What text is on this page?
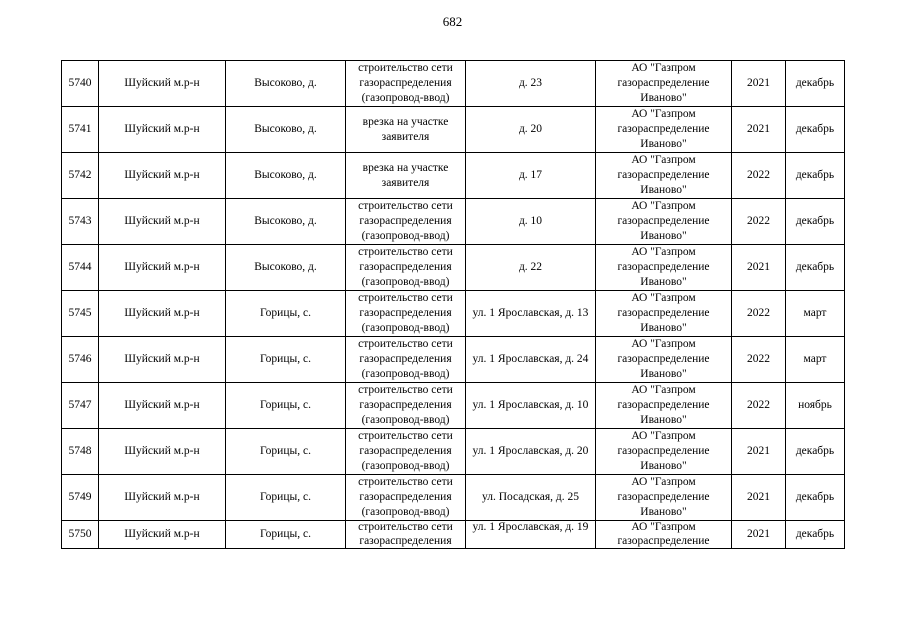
682
5740	Шуйский м.р-н	Высоково, д.	строительство сети газораспределения (газопровод-ввод)	д. 23	АО "Газпром газораспределение Иваново"	2021	декабрь
5741	Шуйский м.р-н	Высоково, д.	врезка на участке заявителя	д. 20	АО "Газпром газораспределение Иваново"	2021	декабрь
5742	Шуйский м.р-н	Высоково, д.	врезка на участке заявителя	д. 17	АО "Газпром газораспределение Иваново"	2022	декабрь
5743	Шуйский м.р-н	Высоково, д.	строительство сети газораспределения (газопровод-ввод)	д. 10	АО "Газпром газораспределение Иваново"	2022	декабрь
5744	Шуйский м.р-н	Высоково, д.	строительство сети газораспределения (газопровод-ввод)	д. 22	АО "Газпром газораспределение Иваново"	2021	декабрь
5745	Шуйский м.р-н	Горицы, с.	строительство сети газораспределения (газопровод-ввод)	ул. 1 Ярославская, д. 13	АО "Газпром газораспределение Иваново"	2022	март
5746	Шуйский м.р-н	Горицы, с.	строительство сети газораспределения (газопровод-ввод)	ул. 1 Ярославская, д. 24	АО "Газпром газораспределение Иваново"	2022	март
5747	Шуйский м.р-н	Горицы, с.	строительство сети газораспределения (газопровод-ввод)	ул. 1 Ярославская, д. 10	АО "Газпром газораспределение Иваново"	2022	ноябрь
5748	Шуйский м.р-н	Горицы, с.	строительство сети газораспределения (газопровод-ввод)	ул. 1 Ярославская, д. 20	АО "Газпром газораспределение Иваново"	2021	декабрь
5749	Шуйский м.р-н	Горицы, с.	строительство сети газораспределения (газопровод-ввод)	ул. Посадская, д. 25	АО "Газпром газораспределение Иваново"	2021	декабрь
5750	Шуйский м.р-н	Горицы, с.	строительство сети газораспределения	ул. 1 Ярославская, д. 19	АО "Газпром газораспределение	2021	декабрь
